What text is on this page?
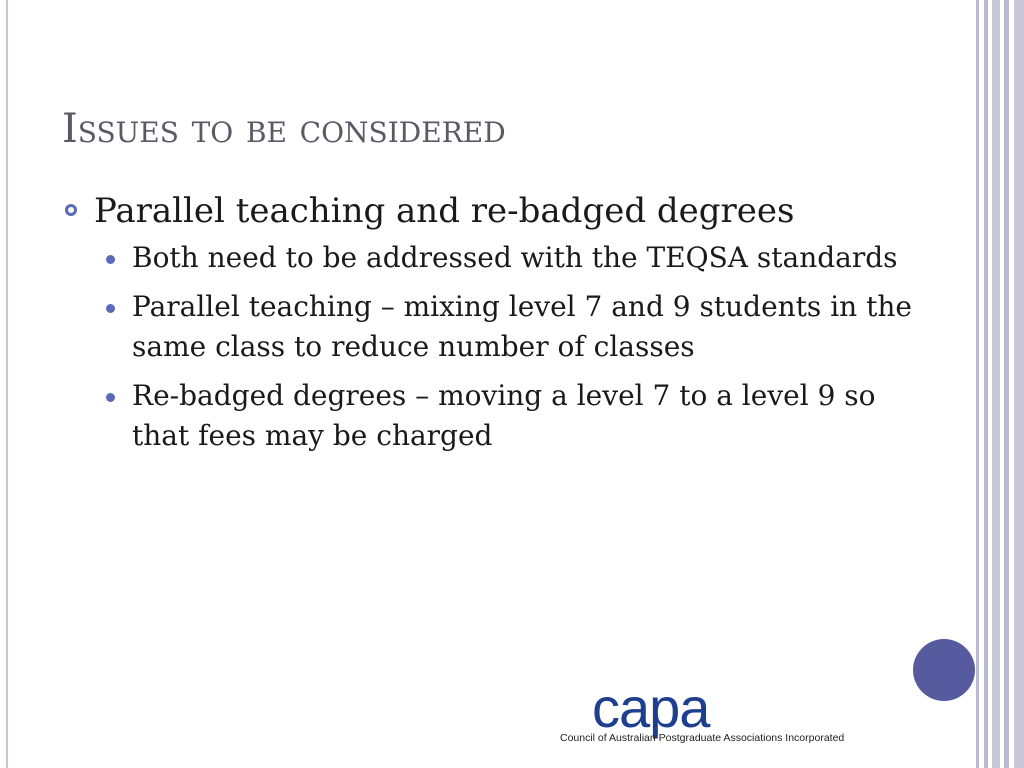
Issues to be considered
Parallel teaching and re-badged degrees
Both need to be addressed with the TEQSA standards
Parallel teaching – mixing level 7 and 9 students in the same class to reduce number of classes
Re-badged degrees – moving a level 7 to a level 9 so that fees may be charged
capa
Council of Australian Postgraduate Associations Incorporated
